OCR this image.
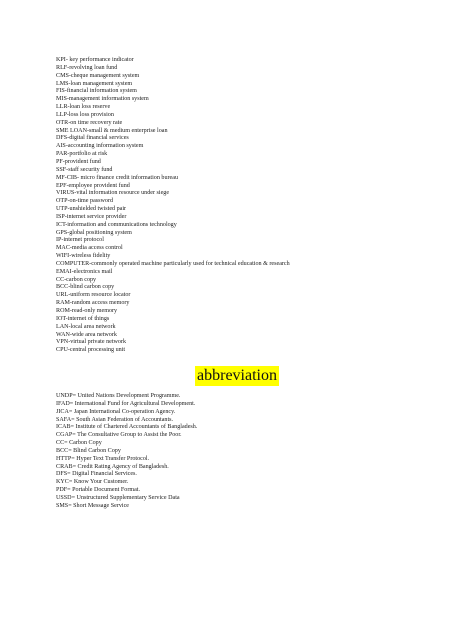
KPI- key performance indicator
RLF-revolving loan fund
CMS-cheque management system
LMS-loan management system
FIS-financial information system
MIS-management information system
LLR-loan loss reserve
LLP-loss loss provision
OTR-on time recovery rate
SME LOAN-small & medium enterprise loan
DFS-digital financial services
AIS-accounting information system
PAR-portfolio at risk
PF-provident fund
SSF-staff security fund
MF-CIB- micro finance credit information bureau
EPF-employee provident fund
VIRUS-vital information resource under siege
OTP-on-time password
UTP-unshielded twisted pair
ISP-internet service provider
ICT-information and communications technology
GPS-global positioning system
IP-internet protocol
MAC-media access control
WIFI-wireless fidelity
COMPUTER-commonly operated machine particularly used for technical education & research
EMAI-electronics mail
CC-carbon copy
BCC-blind carbon copy
URL-uniform resource locator
RAM-random access memory
ROM-read-only memory
IOT-internet of things
LAN-local area network
WAN-wide area network
VPN-virtual private network
CPU-central processing unit
abbreviation
UNDP= United Nations Development Programme.
IFAD= International Fund for Agricultural Development.
JICA= Japan International Co-operation Agency.
SAFA= South Asian Federation of Accountants.
ICAB= Institute of Chartered Accountants of Bangladesh.
CGAP= The Consultative Group to Assist the Poor.
CC= Carbon Copy
BCC= Blind Carbon Copy
HTTP= Hyper Text Transfer Protocol.
CRAB= Credit Rating Agency of Bangladesh.
DFS= Digital Financial Services.
KYC= Know Your Customer.
PDF= Portable Document Format.
USSD= Unstructured Supplementary Service Data
SMS= Short Message Service
